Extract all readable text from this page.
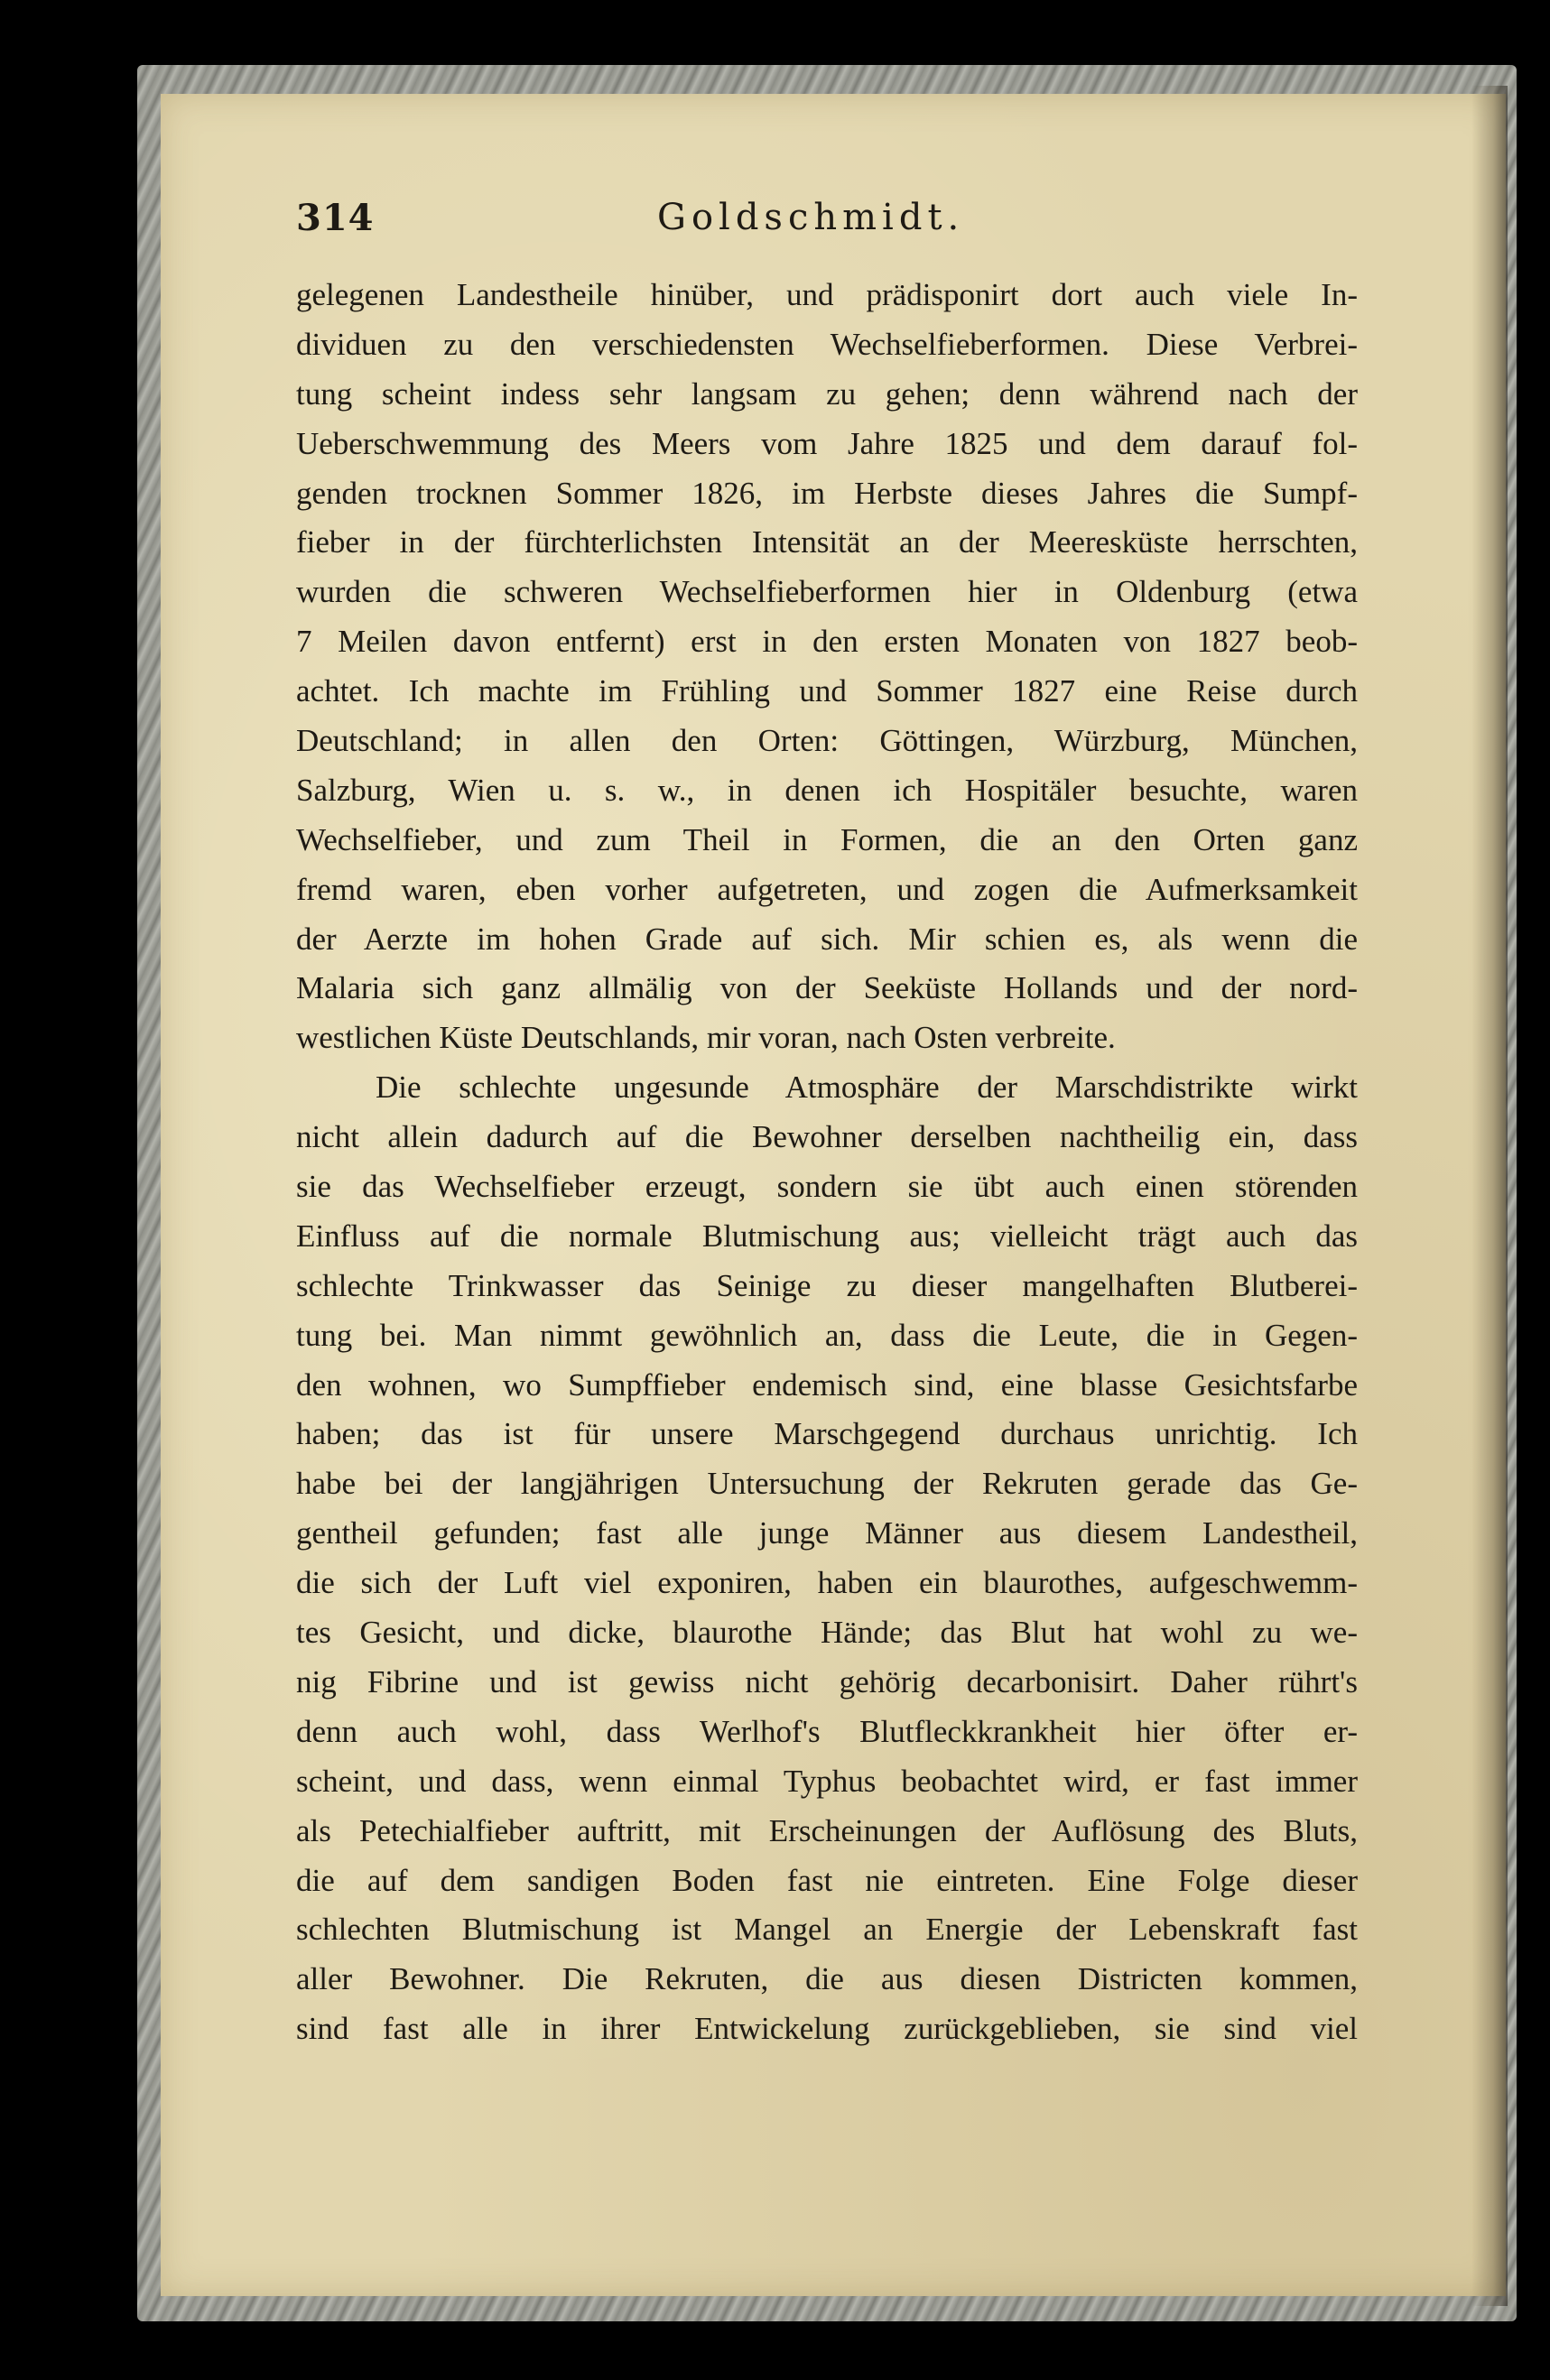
314	Goldschmidt.
gelegenen Landestheile hinüber, und prädisponirt dort auch viele In-
dividuen zu den verschiedensten Wechselfieberformen. Diese Verbrei-
tung scheint indess sehr langsam zu gehen; denn während nach der
Ueberschwemmung des Meers vom Jahre 1825 und dem darauf fol-
genden trocknen Sommer 1826, im Herbste dieses Jahres die Sumpf-
fieber in der fürchterlichsten Intensität an der Meeresküste herrschten,
wurden die schweren Wechselfieberformen hier in Oldenburg (etwa
7 Meilen davon entfernt) erst in den ersten Monaten von 1827 beob-
achtet. Ich machte im Frühling und Sommer 1827 eine Reise durch
Deutschland; in allen den Orten: Göttingen, Würzburg, München,
Salzburg, Wien u. s. w., in denen ich Hospitäler besuchte, waren
Wechselfieber, und zum Theil in Formen, die an den Orten ganz
fremd waren, eben vorher aufgetreten, und zogen die Aufmerksamkeit
der Aerzte im hohen Grade auf sich. Mir schien es, als wenn die
Malaria sich ganz allmälig von der Seeküste Hollands und der nord-
westlichen Küste Deutschlands, mir voran, nach Osten verbreite.
Die schlechte ungesunde Atmosphäre der Marschdistrikte wirkt
nicht allein dadurch auf die Bewohner derselben nachtheilig ein, dass
sie das Wechselfieber erzeugt, sondern sie übt auch einen störenden
Einfluss auf die normale Blutmischung aus; vielleicht trägt auch das
schlechte Trinkwasser das Seinige zu dieser mangelhaften Blutberei-
tung bei. Man nimmt gewöhnlich an, dass die Leute, die in Gegen-
den wohnen, wo Sumpffieber endemisch sind, eine blasse Gesichtsfarbe
haben; das ist für unsere Marschgegend durchaus unrichtig. Ich
habe bei der langjährigen Untersuchung der Rekruten gerade das Ge-
gentheil gefunden; fast alle junge Männer aus diesem Landestheil,
die sich der Luft viel exponiren, haben ein blaurothes, aufgeschwemm-
tes Gesicht, und dicke, blaurothe Hände; das Blut hat wohl zu we-
nig Fibrine und ist gewiss nicht gehörig decarbonisirt. Daher rührt's
denn auch wohl, dass Werlhof's Blutfleckkrankheit hier öfter er-
scheint, und dass, wenn einmal Typhus beobachtet wird, er fast immer
als Petechialfieber auftritt, mit Erscheinungen der Auflösung des Bluts,
die auf dem sandigen Boden fast nie eintreten. Eine Folge dieser
schlechten Blutmischung ist Mangel an Energie der Lebenskraft fast
aller Bewohner. Die Rekruten, die aus diesen Districten kommen,
sind fast alle in ihrer Entwickelung zurückgeblieben, sie sind viel
